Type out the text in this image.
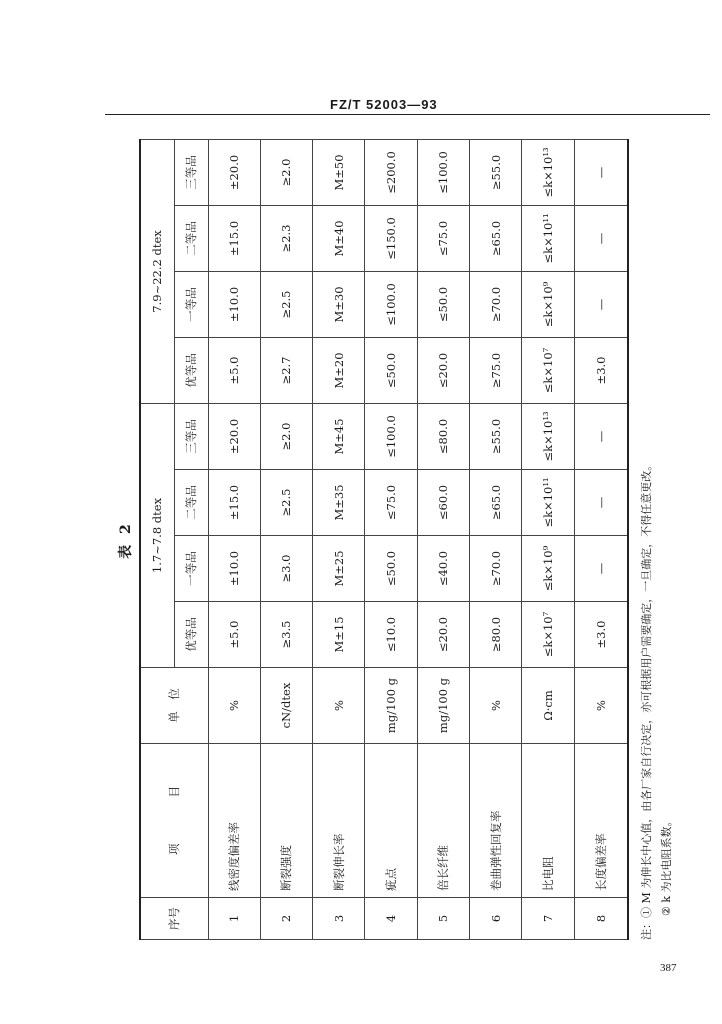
FZ/T 52003—93
表 2
序号	项　　　　目	单　位	1.7~7.8 dtex				7.9~22.2 dtex			
			优等品	一等品	二等品	三等品	优等品	一等品	二等品	三等品
1	线密度偏差率	%	±5.0	±10.0	±15.0	±20.0	±5.0	±10.0	±15.0	±20.0
2	断裂强度	cN/dtex	≥3.5	≥3.0	≥2.5	≥2.0	≥2.7	≥2.5	≥2.3	≥2.0
3	断裂伸长率	%	M±15	M±25	M±35	M±45	M±20	M±30	M±40	M±50
4	疵点	mg/100 g	≤10.0	≤50.0	≤75.0	≤100.0	≤50.0	≤100.0	≤150.0	≤200.0
5	倍长纤维	mg/100 g	≤20.0	≤40.0	≤60.0	≤80.0	≤20.0	≤50.0	≤75.0	≤100.0
6	卷曲弹性回复率	%	≥80.0	≥70.0	≥65.0	≥55.0	≥75.0	≥70.0	≥65.0	≥55.0
7	比电阻	Ω·cm	≤k×10⁷	≤k×10⁹	≤k×10¹¹	≤k×10¹³	≤k×10⁷	≤k×10⁹	≤k×10¹¹	≤k×10¹³
8	长度偏差率	%	±3.0	—	—	—	±3.0	—	—	—
注：① M 为伸长中心值，由各厂家自行决定，亦可根据用户需要确定，一旦确定，不得任意更改。 ② k 为比电阻系数。
387
